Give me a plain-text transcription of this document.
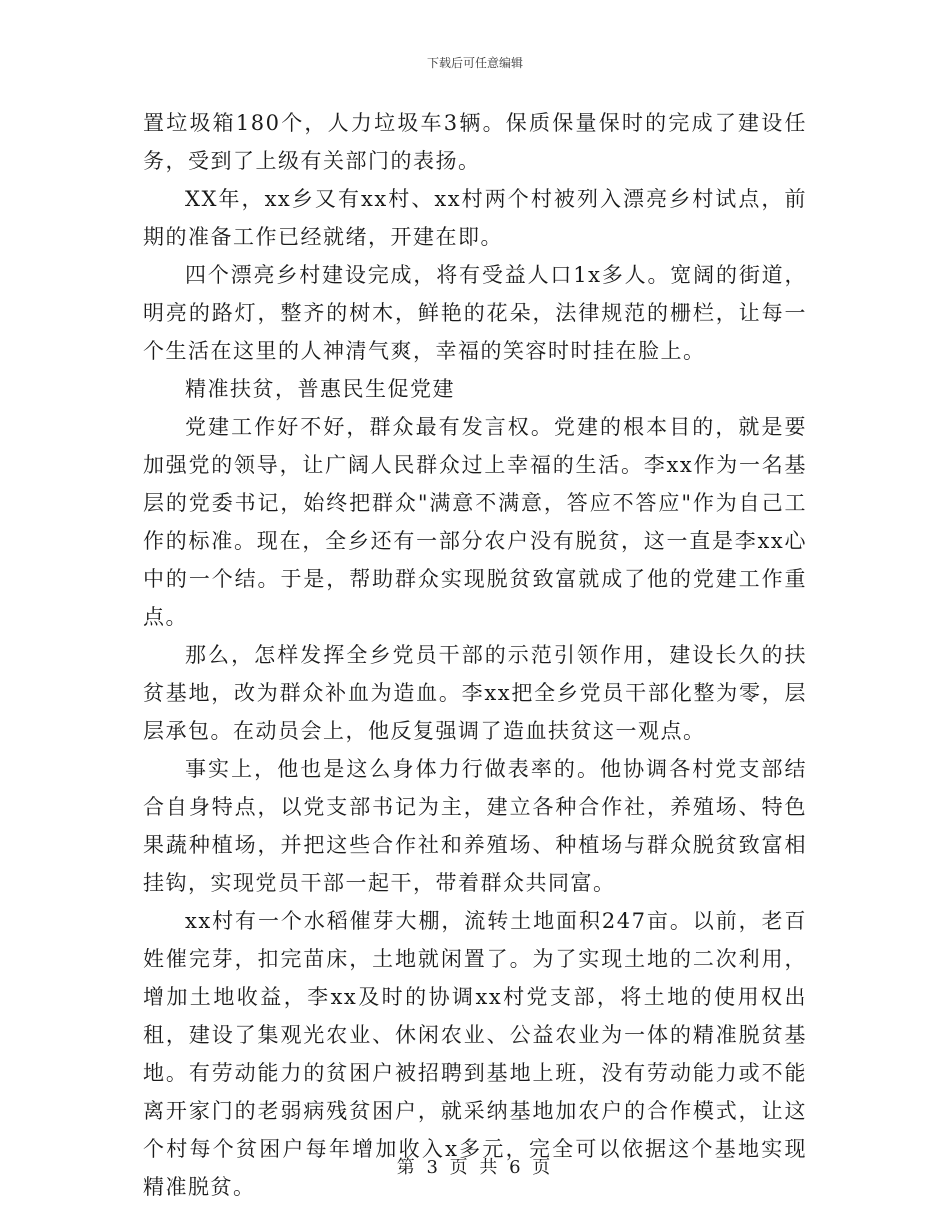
下载后可任意编辑

置垃圾箱180个，人力垃圾车3辆。保质保量保时的完成了建设任务，受到了上级有关部门的表扬。

XX年，xx乡又有xx村、xx村两个村被列入漂亮乡村试点，前期的准备工作已经就绪，开建在即。

四个漂亮乡村建设完成，将有受益人口1x多人。宽阔的街道，明亮的路灯，整齐的树木，鲜艳的花朵，法律规范的栅栏，让每一个生活在这里的人神清气爽，幸福的笑容时时挂在脸上。

精准扶贫，普惠民生促党建

党建工作好不好，群众最有发言权。党建的根本目的，就是要加强党的领导，让广阔人民群众过上幸福的生活。李xx作为一名基层的党委书记，始终把群众"满意不满意，答应不答应"作为自己工作的标准。现在，全乡还有一部分农户没有脱贫，这一直是李xx心中的一个结。于是，帮助群众实现脱贫致富就成了他的党建工作重点。

那么，怎样发挥全乡党员干部的示范引领作用，建设长久的扶贫基地，改为群众补血为造血。李xx把全乡党员干部化整为零，层层承包。在动员会上，他反复强调了造血扶贫这一观点。

事实上，他也是这么身体力行做表率的。他协调各村党支部结合自身特点，以党支部书记为主，建立各种合作社，养殖场、特色果蔬种植场，并把这些合作社和养殖场、种植场与群众脱贫致富相挂钩，实现党员干部一起干，带着群众共同富。

xx村有一个水稻催芽大棚，流转土地面积247亩。以前，老百姓催完芽，扣完苗床，土地就闲置了。为了实现土地的二次利用，增加土地收益，李xx及时的协调xx村党支部，将土地的使用权出租，建设了集观光农业、休闲农业、公益农业为一体的精准脱贫基地。有劳动能力的贫困户被招聘到基地上班，没有劳动能力或不能离开家门的老弱病残贫困户，就采纳基地加农户的合作模式，让这个村每个贫困户每年增加收入x多元，完全可以依据这个基地实现精准脱贫。

第 3 页 共 6 页
